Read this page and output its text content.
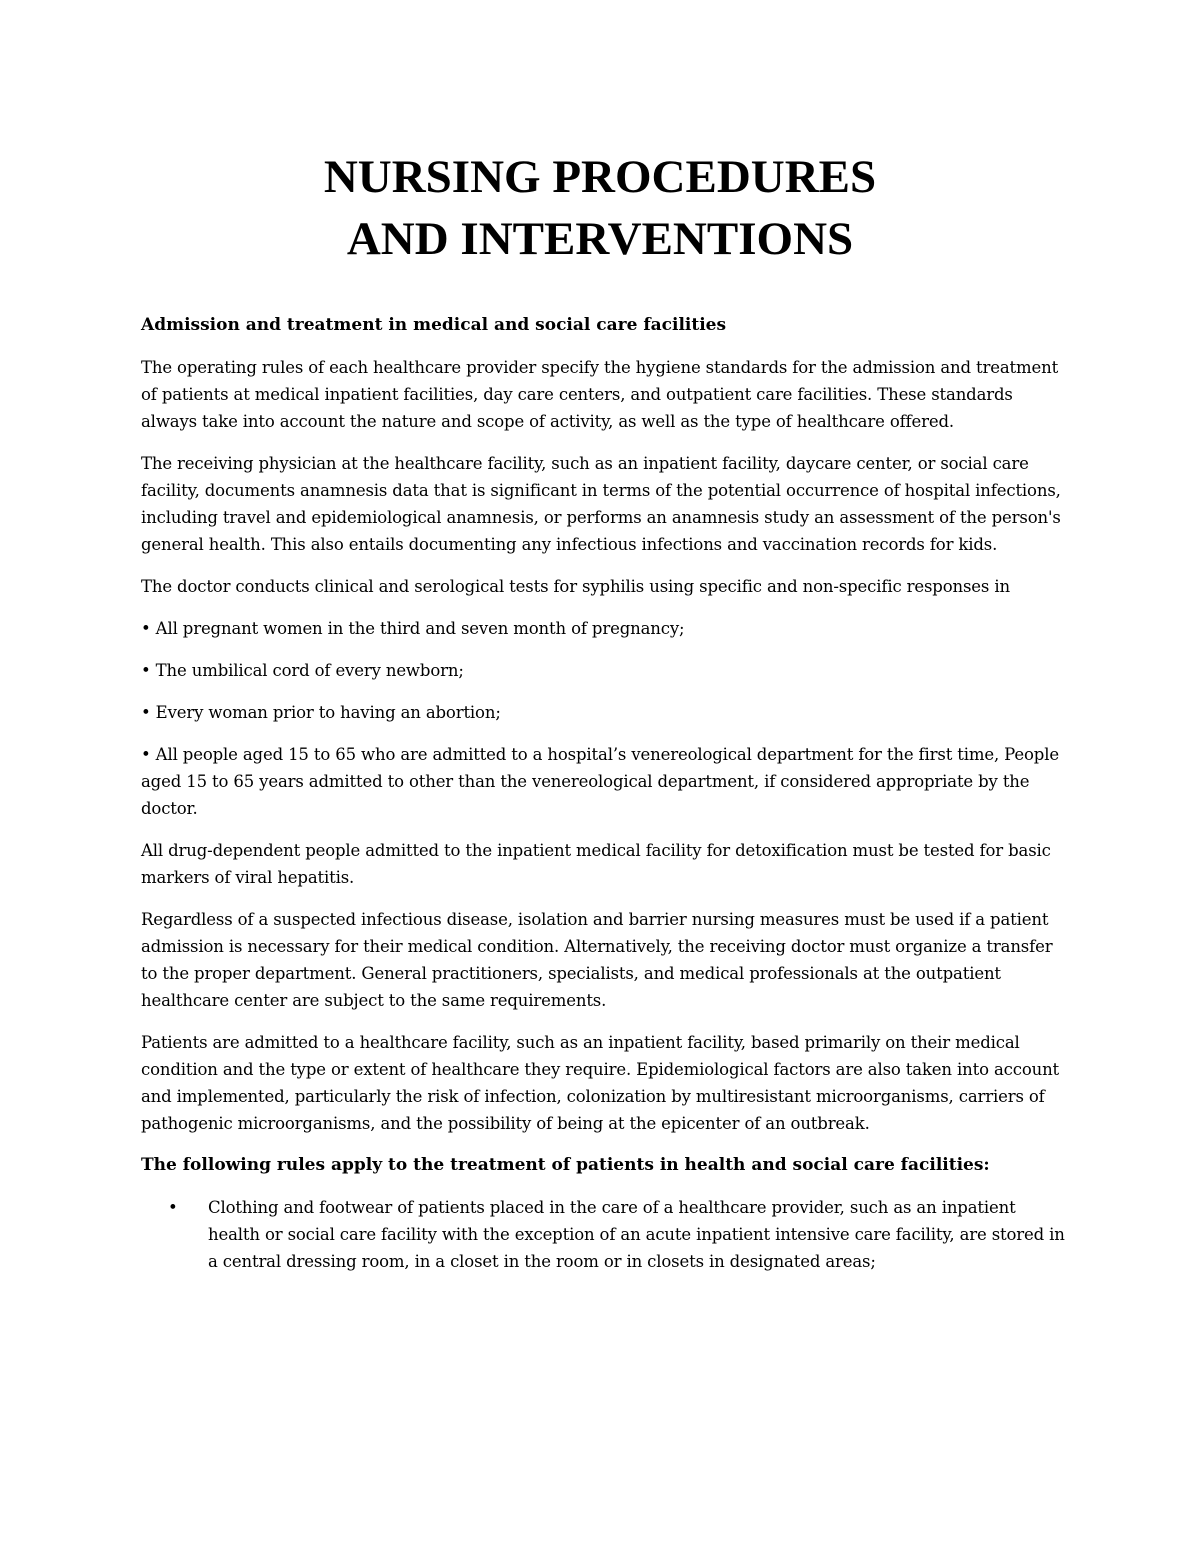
NURSING PROCEDURES
AND INTERVENTIONS

Admission and treatment in medical and social care facilities

The operating rules of each healthcare provider specify the hygiene standards for the admission and treatment of patients at medical inpatient facilities, day care centers, and outpatient care facilities. These standards always take into account the nature and scope of activity, as well as the type of healthcare offered.

The receiving physician at the healthcare facility, such as an inpatient facility, daycare center, or social care facility, documents anamnesis data that is significant in terms of the potential occurrence of hospital infections, including travel and epidemiological anamnesis, or performs an anamnesis study an assessment of the person's general health. This also entails documenting any infectious infections and vaccination records for kids.

The doctor conducts clinical and serological tests for syphilis using specific and non-specific responses in

• All pregnant women in the third and seven month of pregnancy;

• The umbilical cord of every newborn;

• Every woman prior to having an abortion;

• All people aged 15 to 65 who are admitted to a hospital’s venereological department for the first time, People aged 15 to 65 years admitted to other than the venereological department, if considered appropriate by the doctor.

All drug-dependent people admitted to the inpatient medical facility for detoxification must be tested for basic markers of viral hepatitis.

Regardless of a suspected infectious disease, isolation and barrier nursing measures must be used if a patient admission is necessary for their medical condition. Alternatively, the receiving doctor must organize a transfer to the proper department. General practitioners, specialists, and medical professionals at the outpatient healthcare center are subject to the same requirements.

Patients are admitted to a healthcare facility, such as an inpatient facility, based primarily on their medical condition and the type or extent of healthcare they require. Epidemiological factors are also taken into account and implemented, particularly the risk of infection, colonization by multiresistant microorganisms, carriers of pathogenic microorganisms, and the possibility of being at the epicenter of an outbreak.

The following rules apply to the treatment of patients in health and social care facilities:

•	Clothing and footwear of patients placed in the care of a healthcare provider, such as an inpatient health or social care facility with the exception of an acute inpatient intensive care facility, are stored in a central dressing room, in a closet in the room or in closets in designated areas;
